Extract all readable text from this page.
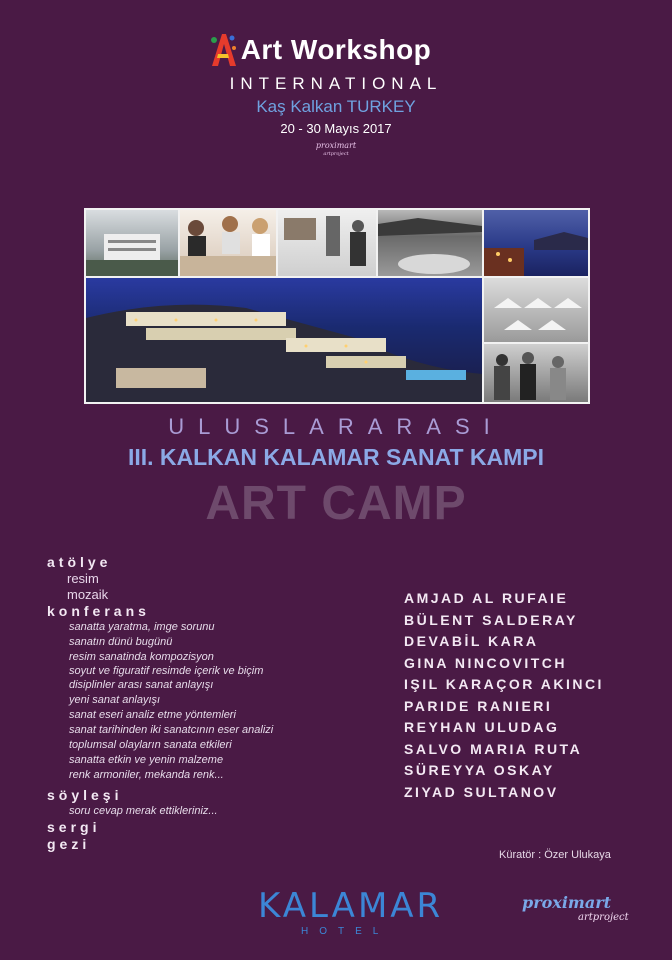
Art Workshop
INTERNATIONAL
Kaş Kalkan TURKEY
20 - 30 Mayıs 2017
proximart
artproject
ULUSLARARASI
III. KALKAN KALAMAR SANAT KAMPI
ART CAMP
atölye
resim
mozaik
konferans
sanatta yaratma, imge sorunu
sanatın dünü bugünü
resim sanatinda kompozisyon
soyut ve figuratif resimde içerik ve biçim
disiplinler arası sanat anlayışı
yeni sanat anlayışı
sanat eseri analiz etme yöntemleri
sanat tarihinden iki sanatcının eser analizi
toplumsal olayların sanata etkileri
sanatta etkin ve yenin malzeme
renk armoniler, mekanda renk...
söyleşi
soru cevap merak ettikleriniz...
sergi
gezi
AMJAD AL RUFAIE
BÜLENT SALDERAY
DEVABİL KARA
GINA NINCOVITCH
IŞIL KARAÇOR AKINCI
PARIDE RANIERI
REYHAN ULUDAG
SALVO MARIA RUTA
SÜREYYA OSKAY
ZIYAD SULTANOV
Küratör : Özer Ulukaya
KALAMAR
HOTEL
proximart
artproject
